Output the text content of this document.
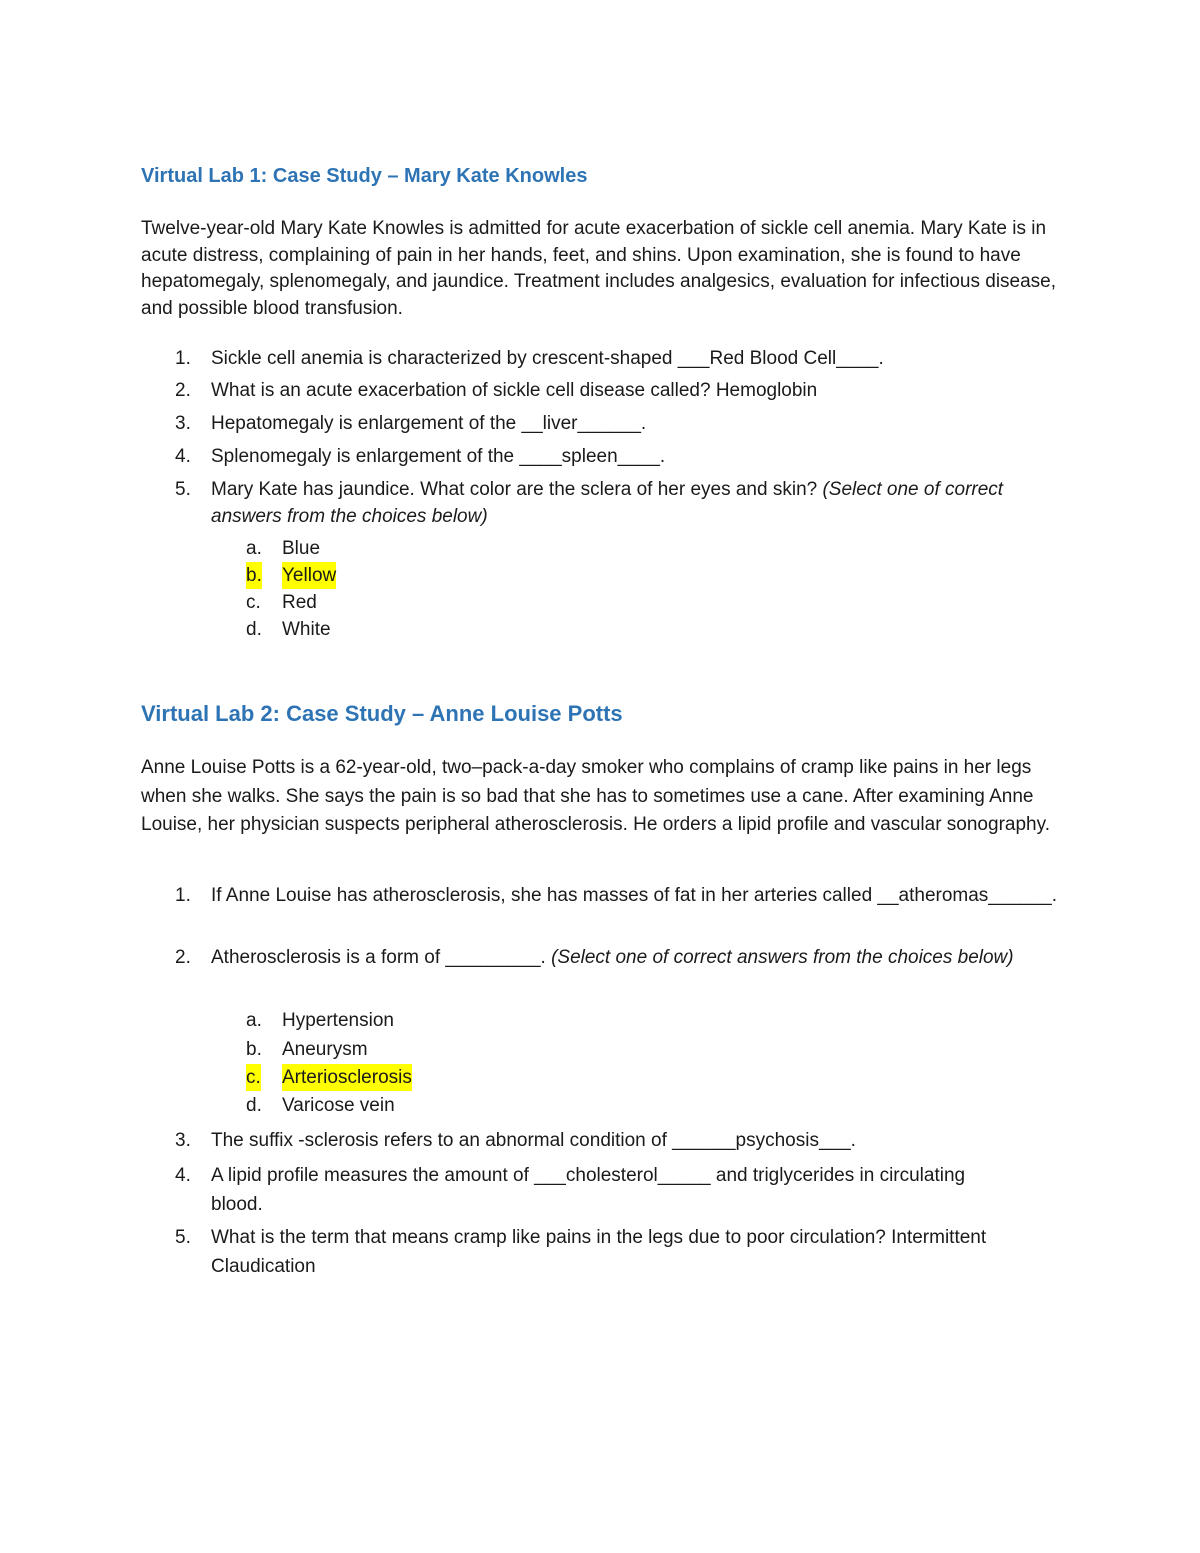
Virtual Lab 1: Case Study – Mary Kate Knowles

Twelve-year-old Mary Kate Knowles is admitted for acute exacerbation of sickle cell anemia. Mary Kate is in acute distress, complaining of pain in her hands, feet, and shins. Upon examination, she is found to have hepatomegaly, splenomegaly, and jaundice. Treatment includes analgesics, evaluation for infectious disease, and possible blood transfusion.

1.	Sickle cell anemia is characterized by crescent-shaped ___Red Blood Cell____.
2.	What is an acute exacerbation of sickle cell disease called? Hemoglobin
3.	Hepatomegaly is enlargement of the __liver______.
4.	Splenomegaly is enlargement of the ____spleen____.
5.	Mary Kate has jaundice. What color are the sclera of her eyes and skin? (Select one of correct answers from the choices below)
a. Blue
b. Yellow
c. Red
d. White
Virtual Lab 2: Case Study – Anne Louise Potts

Anne Louise Potts is a 62-year-old, two–pack-a-day smoker who complains of cramp like pains in her legs when she walks. She says the pain is so bad that she has to sometimes use a cane. After examining Anne Louise, her physician suspects peripheral atherosclerosis. He orders a lipid profile and vascular sonography.

1.	If Anne Louise has atherosclerosis, she has masses of fat in her arteries called __atheromas______.
2.	Atherosclerosis is a form of _________. (Select one of correct answers from the choices below)
a. Hypertension
b. Aneurysm
c. Arteriosclerosis
d. Varicose vein
3.	The suffix -sclerosis refers to an abnormal condition of ______psychosis___.
4.	A lipid profile measures the amount of ___cholesterol_____ and triglycerides in circulating blood.
5.	What is the term that means cramp like pains in the legs due to poor circulation? Intermittent Claudication
